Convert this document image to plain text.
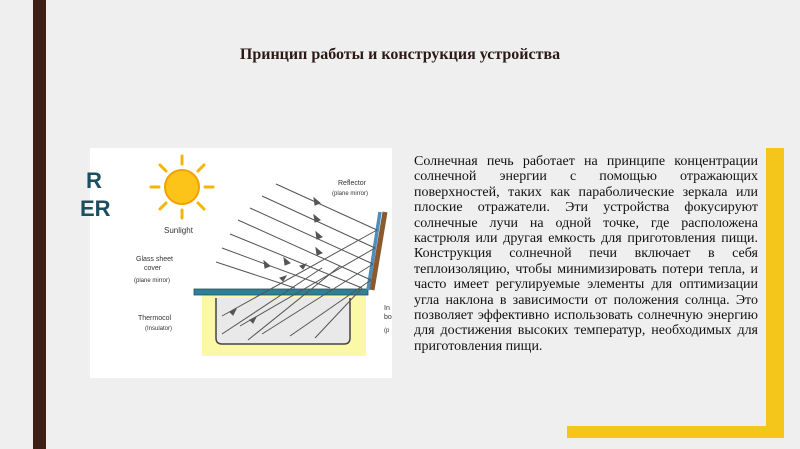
Принцип работы и конструкция устройства
R
ER
Sunlight
Reflector
(plane mirror)
Glass sheet
cover
(plane mirror)
Thermocol
(Insulator)
In
bo
(p

Солнечная печь работает на принципе концентрации солнечной энергии с помощью отражающих поверхностей, таких как параболические зеркала или плоские отражатели. Эти устройства фокусируют солнечные лучи на одной точке, где расположена кастрюля или другая емкость для приготовления пищи. Конструкция солнечной печи включает в себя теплоизоляцию, чтобы минимизировать потери тепла, и часто имеет регулируемые элементы для оптимизации угла наклона в зависимости от положения солнца. Это позволяет эффективно использовать солнечную энергию для достижения высоких температур, необходимых для приготовления пищи.
